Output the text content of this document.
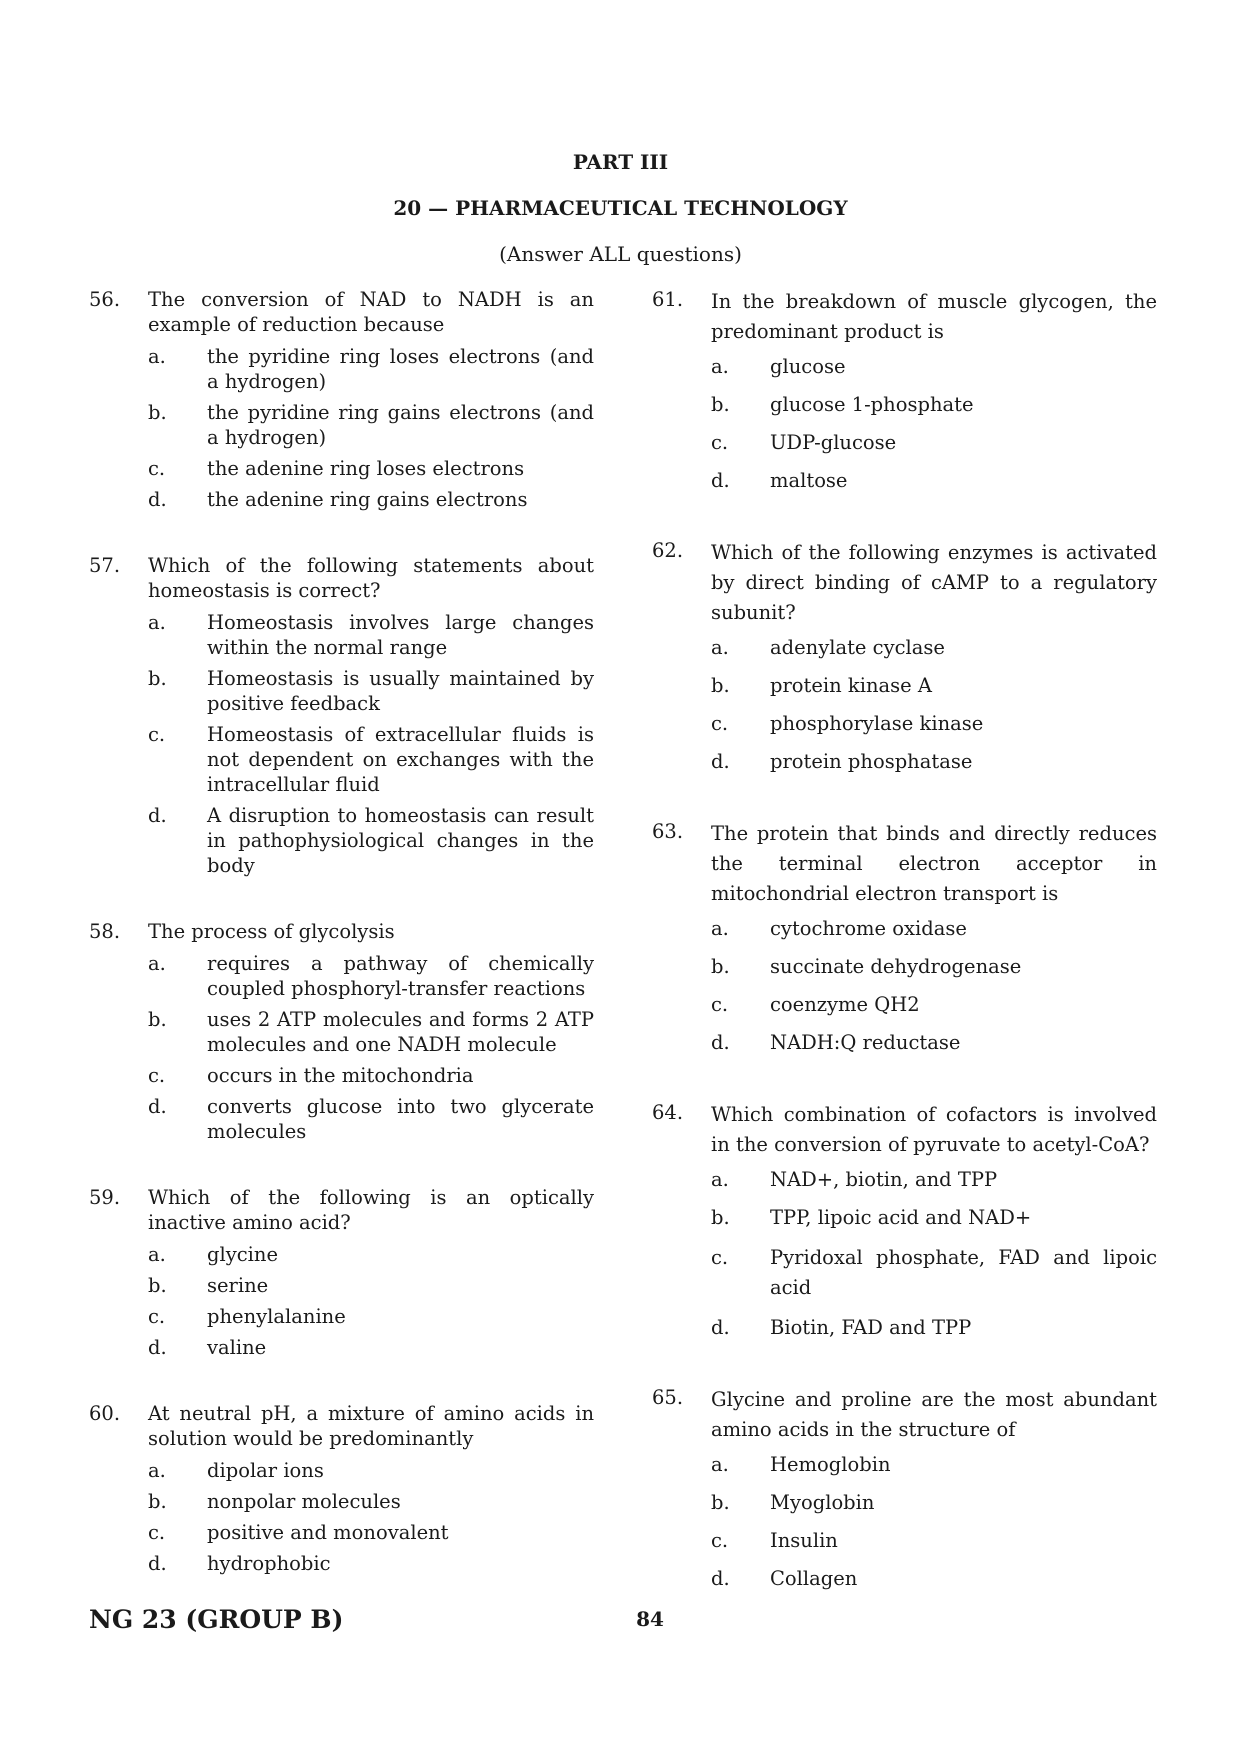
PART III
20 — PHARMACEUTICAL TECHNOLOGY
(Answer ALL questions)
56. The conversion of NAD to NADH is an example of reduction because
a. the pyridine ring loses electrons (and a hydrogen)
b. the pyridine ring gains electrons (and a hydrogen)
c. the adenine ring loses electrons
d. the adenine ring gains electrons
57. Which of the following statements about homeostasis is correct?
a. Homeostasis involves large changes within the normal range
b. Homeostasis is usually maintained by positive feedback
c. Homeostasis of extracellular fluids is not dependent on exchanges with the intracellular fluid
d. A disruption to homeostasis can result in pathophysiological changes in the body
58. The process of glycolysis
a. requires a pathway of chemically coupled phosphoryl-transfer reactions
b. uses 2 ATP molecules and forms 2 ATP molecules and one NADH molecule
c. occurs in the mitochondria
d. converts glucose into two glycerate molecules
59. Which of the following is an optically inactive amino acid?
a. glycine
b. serine
c. phenylalanine
d. valine
60. At neutral pH, a mixture of amino acids in solution would be predominantly
a. dipolar ions
b. nonpolar molecules
c. positive and monovalent
d. hydrophobic
61. In the breakdown of muscle glycogen, the predominant product is
a. glucose
b. glucose 1-phosphate
c. UDP-glucose
d. maltose
62. Which of the following enzymes is activated by direct binding of cAMP to a regulatory subunit?
a. adenylate cyclase
b. protein kinase A
c. phosphorylase kinase
d. protein phosphatase
63. The protein that binds and directly reduces the terminal electron acceptor in mitochondrial electron transport is
a. cytochrome oxidase
b. succinate dehydrogenase
c. coenzyme QH2
d. NADH:Q reductase
64. Which combination of cofactors is involved in the conversion of pyruvate to acetyl-CoA?
a. NAD+, biotin, and TPP
b. TPP, lipoic acid and NAD+
c. Pyridoxal phosphate, FAD and lipoic acid
d. Biotin, FAD and TPP
65. Glycine and proline are the most abundant amino acids in the structure of
a. Hemoglobin
b. Myoglobin
c. Insulin
d. Collagen
NG 23 (GROUP B)	84
